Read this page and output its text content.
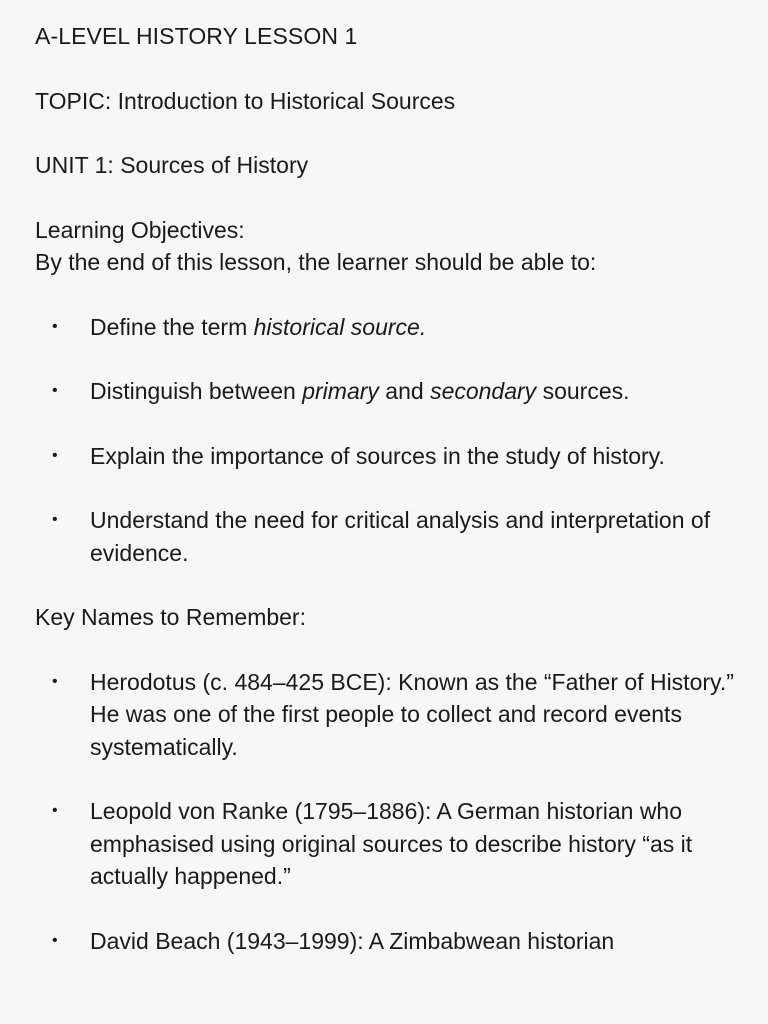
A-LEVEL HISTORY LESSON 1

TOPIC: Introduction to Historical Sources

UNIT 1: Sources of History

Learning Objectives:

By the end of this lesson, the learner should be able to:

• Define the term historical source.
• Distinguish between primary and secondary sources.
• Explain the importance of sources in the study of history.
• Understand the need for critical analysis and interpretation of evidence.

Key Names to Remember:

• Herodotus (c. 484–425 BCE): Known as the “Father of History.” He was one of the first people to collect and record events systematically.
• Leopold von Ranke (1795–1886): A German historian who emphasised using original sources to describe history “as it actually happened.”
• David Beach (1943–1999): A Zimbabwean historian
